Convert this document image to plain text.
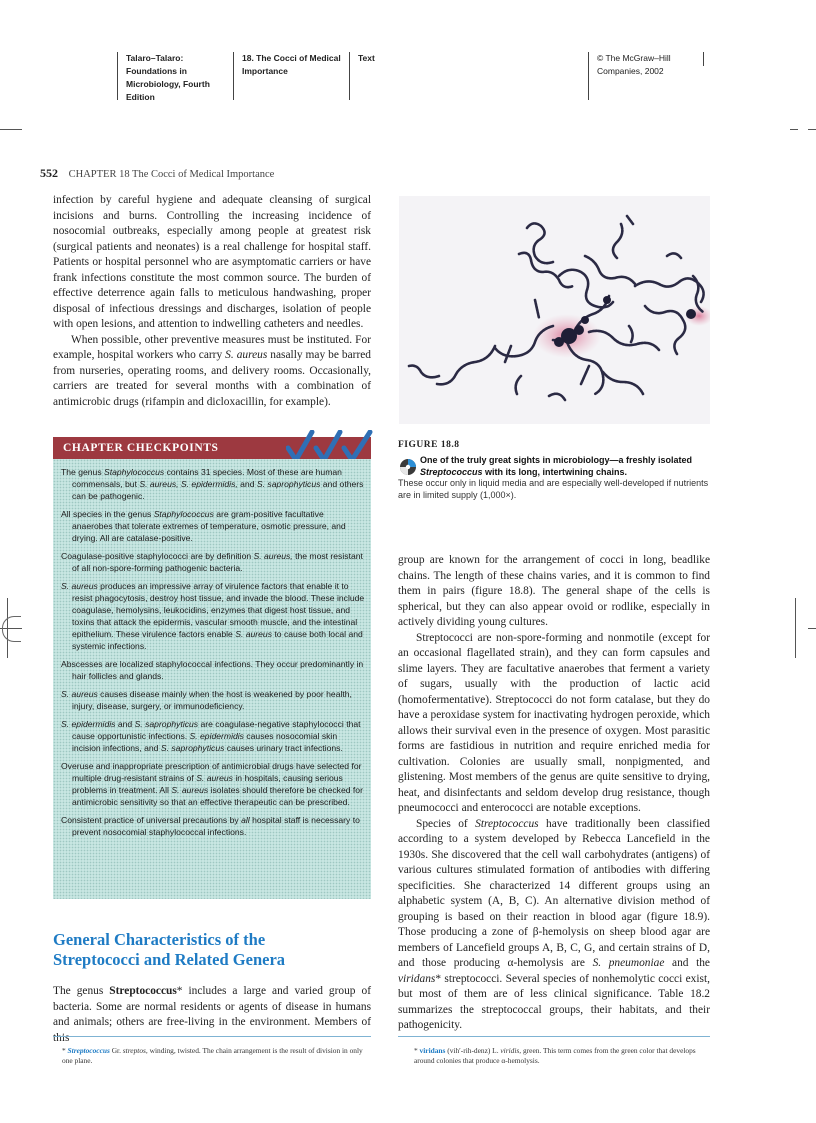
Talaro–Talaro: Foundations in Microbiology, Fourth Edition
18. The Cocci of Medical Importance
Text	© The McGraw–Hill Companies, 2002
552 CHAPTER 18 The Cocci of Medical Importance

infection by careful hygiene and adequate cleansing of surgical incisions and burns. Controlling the increasing incidence of nosocomial outbreaks, especially among people at greatest risk (surgical patients and neonates) is a real challenge for hospital staff. Patients or hospital personnel who are asymptomatic carriers or have frank infections constitute the most common source. The burden of effective deterrence again falls to meticulous handwashing, proper disposal of infectious dressings and discharges, isolation of people with open lesions, and attention to indwelling catheters and needles.

When possible, other preventive measures must be instituted. For example, hospital workers who carry S. aureus nasally may be barred from nurseries, operating rooms, and delivery rooms. Occasionally, carriers are treated for several months with a combination of antimicrobic drugs (rifampin and dicloxacillin, for example).

FIGURE 18.8
One of the truly great sights in microbiology—a freshly isolated Streptococcus with its long, intertwining chains.
These occur only in liquid media and are especially well-developed if nutrients are in limited supply (1,000×).
CHAPTER CHECKPOINTS
The genus Staphylococcus contains 31 species. Most of these are human commensals, but S. aureus, S. epidermidis, and S. saprophyticus and others can be pathogenic.
All species in the genus Staphylococcus are gram-positive facultative anaerobes that tolerate extremes of temperature, osmotic pressure, and drying. All are catalase-positive.
Coagulase-positive staphylococci are by definition S. aureus, the most resistant of all non-spore-forming pathogenic bacteria.
S. aureus produces an impressive array of virulence factors that enable it to resist phagocytosis, destroy host tissue, and invade the blood. These include coagulase, hemolysins, leukocidins, enzymes that digest host tissue, and toxins that attack the epidermis, vascular smooth muscle, and the intestinal epithelium. These virulence factors enable S. aureus to cause both local and systemic infections.
Abscesses are localized staphylococcal infections. They occur predominantly in hair follicles and glands.
S. aureus causes disease mainly when the host is weakened by poor health, injury, disease, surgery, or immunodeficiency.
S. epidermidis and S. saprophyticus are coagulase-negative staphylococci that cause opportunistic infections. S. epidermidis causes nosocomial skin incision infections, and S. saprophyticus causes urinary tract infections.
Overuse and inappropriate prescription of antimicrobial drugs have selected for multiple drug-resistant strains of S. aureus in hospitals, causing serious problems in treatment. All S. aureus isolates should therefore be checked for antimicrobic sensitivity so that an effective therapeutic can be prescribed.
Consistent practice of universal precautions by all hospital staff is necessary to prevent nosocomial staphylococcal infections.
General Characteristics of the
Streptococci and Related Genera

The genus Streptococcus* includes a large and varied group of bacteria. Some are normal residents or agents of disease in humans and animals; others are free-living in the environment. Members of this

group are known for the arrangement of cocci in long, beadlike chains. The length of these chains varies, and it is common to find them in pairs (figure 18.8). The general shape of the cells is spherical, but they can also appear ovoid or rodlike, especially in actively dividing young cultures.

Streptococci are non-spore-forming and nonmotile (except for an occasional flagellated strain), and they can form capsules and slime layers. They are facultative anaerobes that ferment a variety of sugars, usually with the production of lactic acid (homofermentative). Streptococci do not form catalase, but they do have a peroxidase system for inactivating hydrogen peroxide, which allows their survival even in the presence of oxygen. Most parasitic forms are fastidious in nutrition and require enriched media for cultivation. Colonies are usually small, nonpigmented, and glistening. Most members of the genus are quite sensitive to drying, heat, and disinfectants and seldom develop drug resistance, though pneumococci and enterococci are notable exceptions.

Species of Streptococcus have traditionally been classified according to a system developed by Rebecca Lancefield in the 1930s. She discovered that the cell wall carbohydrates (antigens) of various cultures stimulated formation of antibodies with differing specificities. She characterized 14 different groups using an alphabetic system (A, B, C). An alternative division method of grouping is based on their reaction in blood agar (figure 18.9). Those producing a zone of β-hemolysis on sheep blood agar are members of Lancefield groups A, B, C, G, and certain strains of D, and those producing α-hemolysis are S. pneumoniae and the viridans* streptococci. Several species of nonhemolytic cocci exist, but most of them are of less clinical significance. Table 18.2 summarizes the streptococcal groups, their habitats, and their pathogenicity.

* Streptococcus Gr. streptos, winding, twisted. The chain arrangement is the result of division in only one plane.
* viridans (vih′-rih-denz) L. viridis, green. This term comes from the green color that develops around colonies that produce α-hemolysis.
